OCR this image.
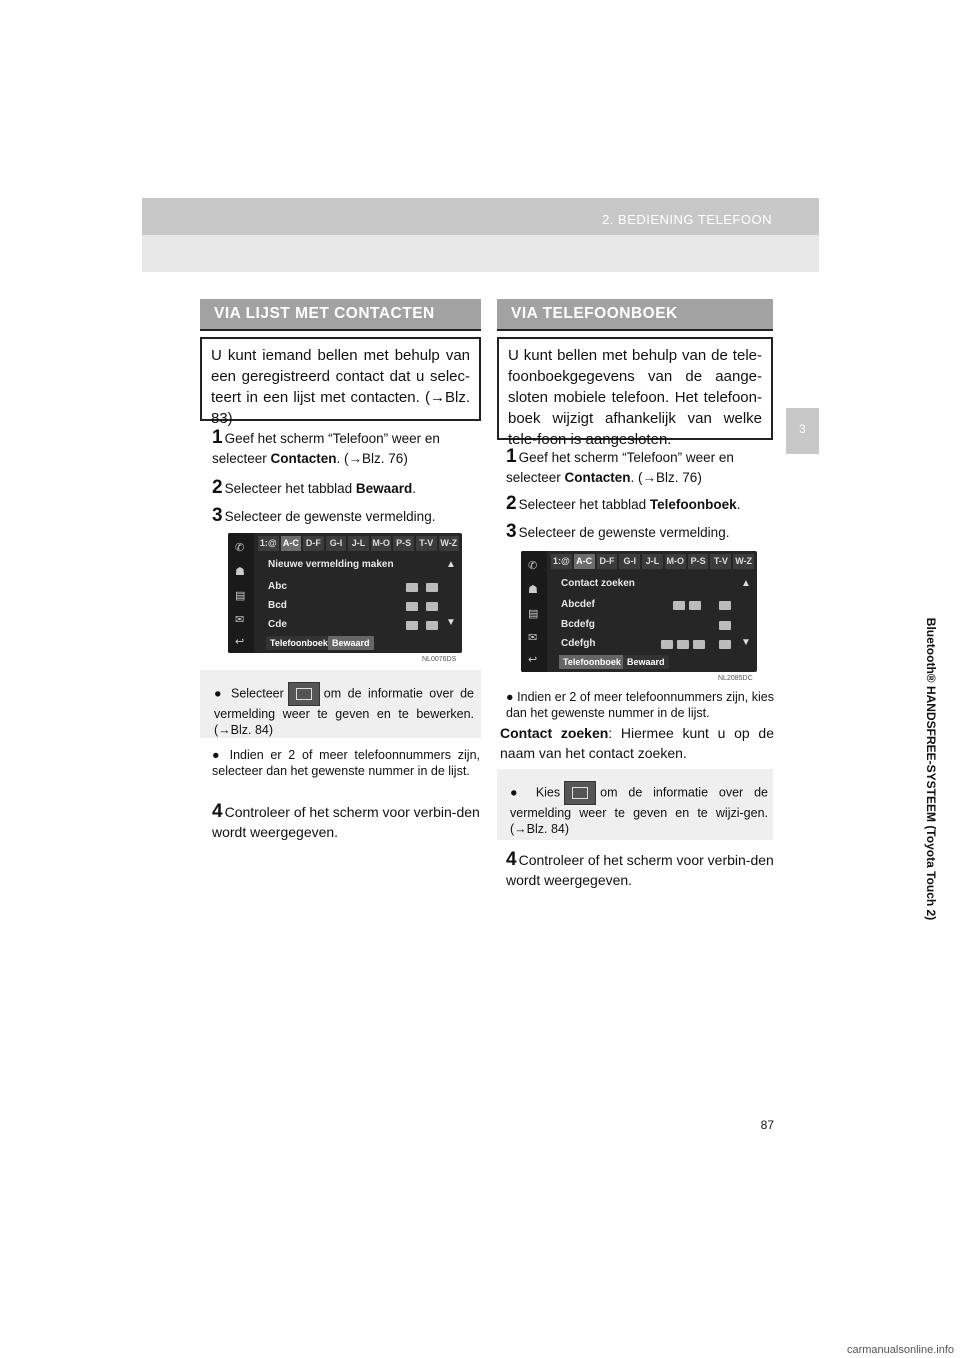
2. BEDIENING TELEFOON
3
Bluetooth® HANDSFREE-SYSTEEM (Toyota Touch 2)
VIA LIJST MET CONTACTEN
U kunt iemand bellen met behulp van een geregistreerd contact dat u selec-teert in een lijst met contacten. (→Blz. 83)
1 Geef het scherm “Telefoon” weer en selecteer Contacten. (→Blz. 76)
2 Selecteer het tabblad Bewaard.
3 Selecteer de gewenste vermelding.
✆
☗
▤
✉
↩
1:@ A-C D-F G-I	J-L M-O P-S T-V W-Z
Nieuwe vermelding maken
Abc
Bcd
Cde
▲
▼
Telefoonboek Bewaard
NL0076DS
● Selecteer	om de informatie over de vermelding weer te geven en te bewerken. (→Blz. 84)
● Indien er 2 of meer telefoonnummers zijn, selecteer dan het gewenste nummer in de lijst.
4 Controleer of het scherm voor verbin-den wordt weergegeven.
VIA TELEFOONBOEK
U kunt bellen met behulp van de tele-foonboekgegevens van de aange-sloten mobiele telefoon. Het telefoon-boek wijzigt afhankelijk van welke tele-foon is aangesloten.
1 Geef het scherm “Telefoon” weer en selecteer Contacten. (→Blz. 76)
2 Selecteer het tabblad Telefoonboek.
3 Selecteer de gewenste vermelding.
✆
☗
▤
✉
↩
1:@ A-C D-F	G-I	J-L M-O P-S T-V W-Z
Contact zoeken
Abcdef
Bcdefg
Cdefgh
▲
▼
Telefoonboek Bewaard
NL2085DC
● Indien er 2 of meer telefoonnummers zijn, kies dan het gewenste nummer in de lijst.
Contact zoeken: Hiermee kunt u op de naam van het contact zoeken.
● Kies	om de informatie over de vermelding weer te geven en te wijzi-gen. (→Blz. 84)
4 Controleer of het scherm voor verbin-den wordt weergegeven.
87
carmanualsonline.info
